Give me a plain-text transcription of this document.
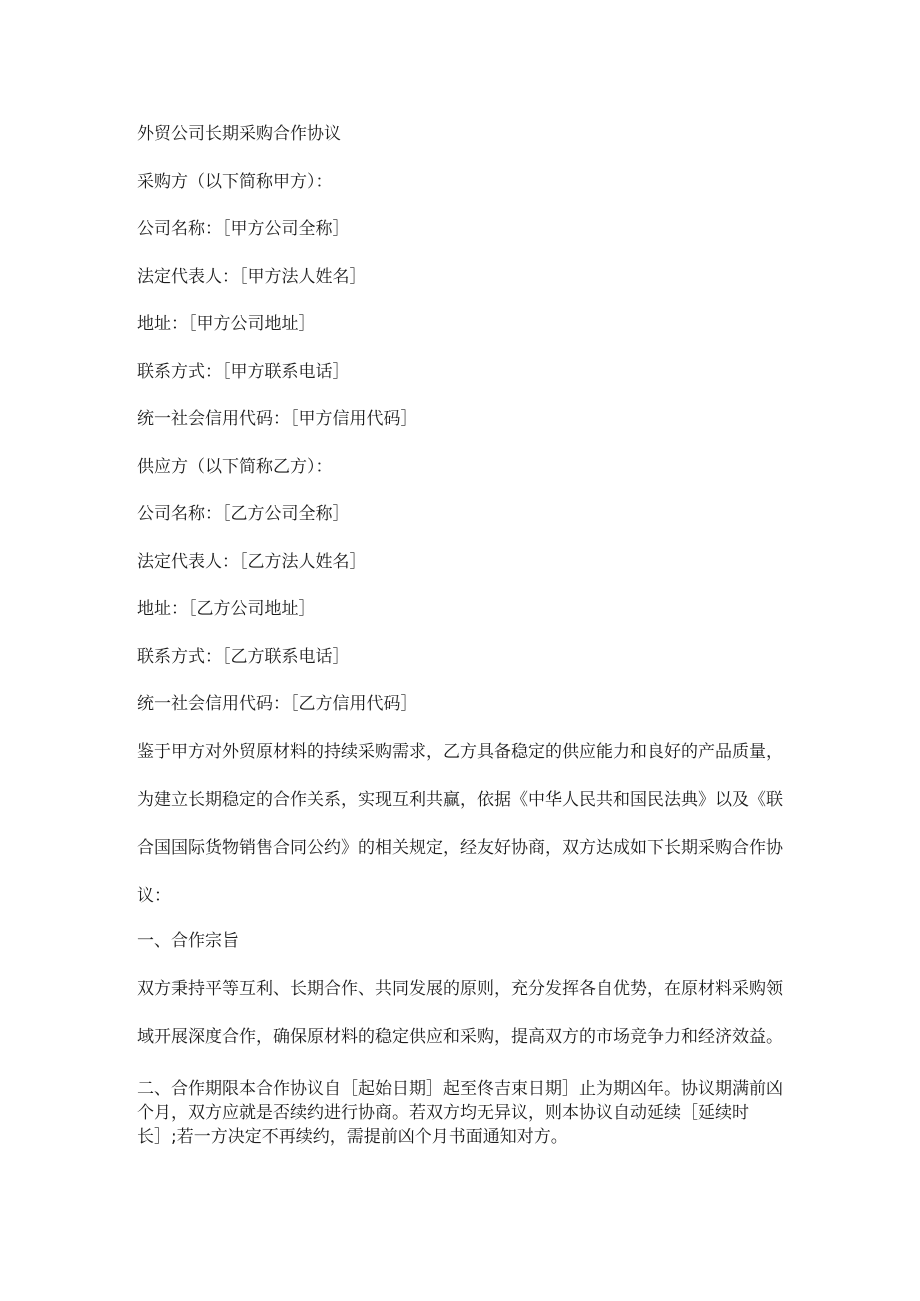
外贸公司长期采购合作协议

采购方（以下简称甲方）：

公司名称：［甲方公司全称］

法定代表人：［甲方法人姓名］

地址：［甲方公司地址］

联系方式：［甲方联系电话］

统一社会信用代码：［甲方信用代码］

供应方（以下简称乙方）：

公司名称：［乙方公司全称］

法定代表人：［乙方法人姓名］

地址：［乙方公司地址］

联系方式：［乙方联系电话］

统一社会信用代码：［乙方信用代码］

鉴于甲方对外贸原材料的持续采购需求，乙方具备稳定的供应能力和良好的产品质量，
为建立长期稳定的合作关系，实现互利共赢，依据《中华人民共和国民法典》以及《联
合国国际货物销售合同公约》的相关规定，经友好协商，双方达成如下长期采购合作协
议：

一、合作宗旨

双方秉持平等互利、长期合作、共同发展的原则，充分发挥各自优势，在原材料采购领
域开展深度合作，确保原材料的稳定供应和采购，提高双方的市场竞争力和经济效益。
二、合作期限本合作协议自［起始日期］起至佟吉束日期］止为期凶年。协议期满前凶
个月，双方应就是否续约进行协商。若双方均无异议，则本协议自动延续［延续时
长］;若一方决定不再续约，需提前凶个月书面通知对方。
